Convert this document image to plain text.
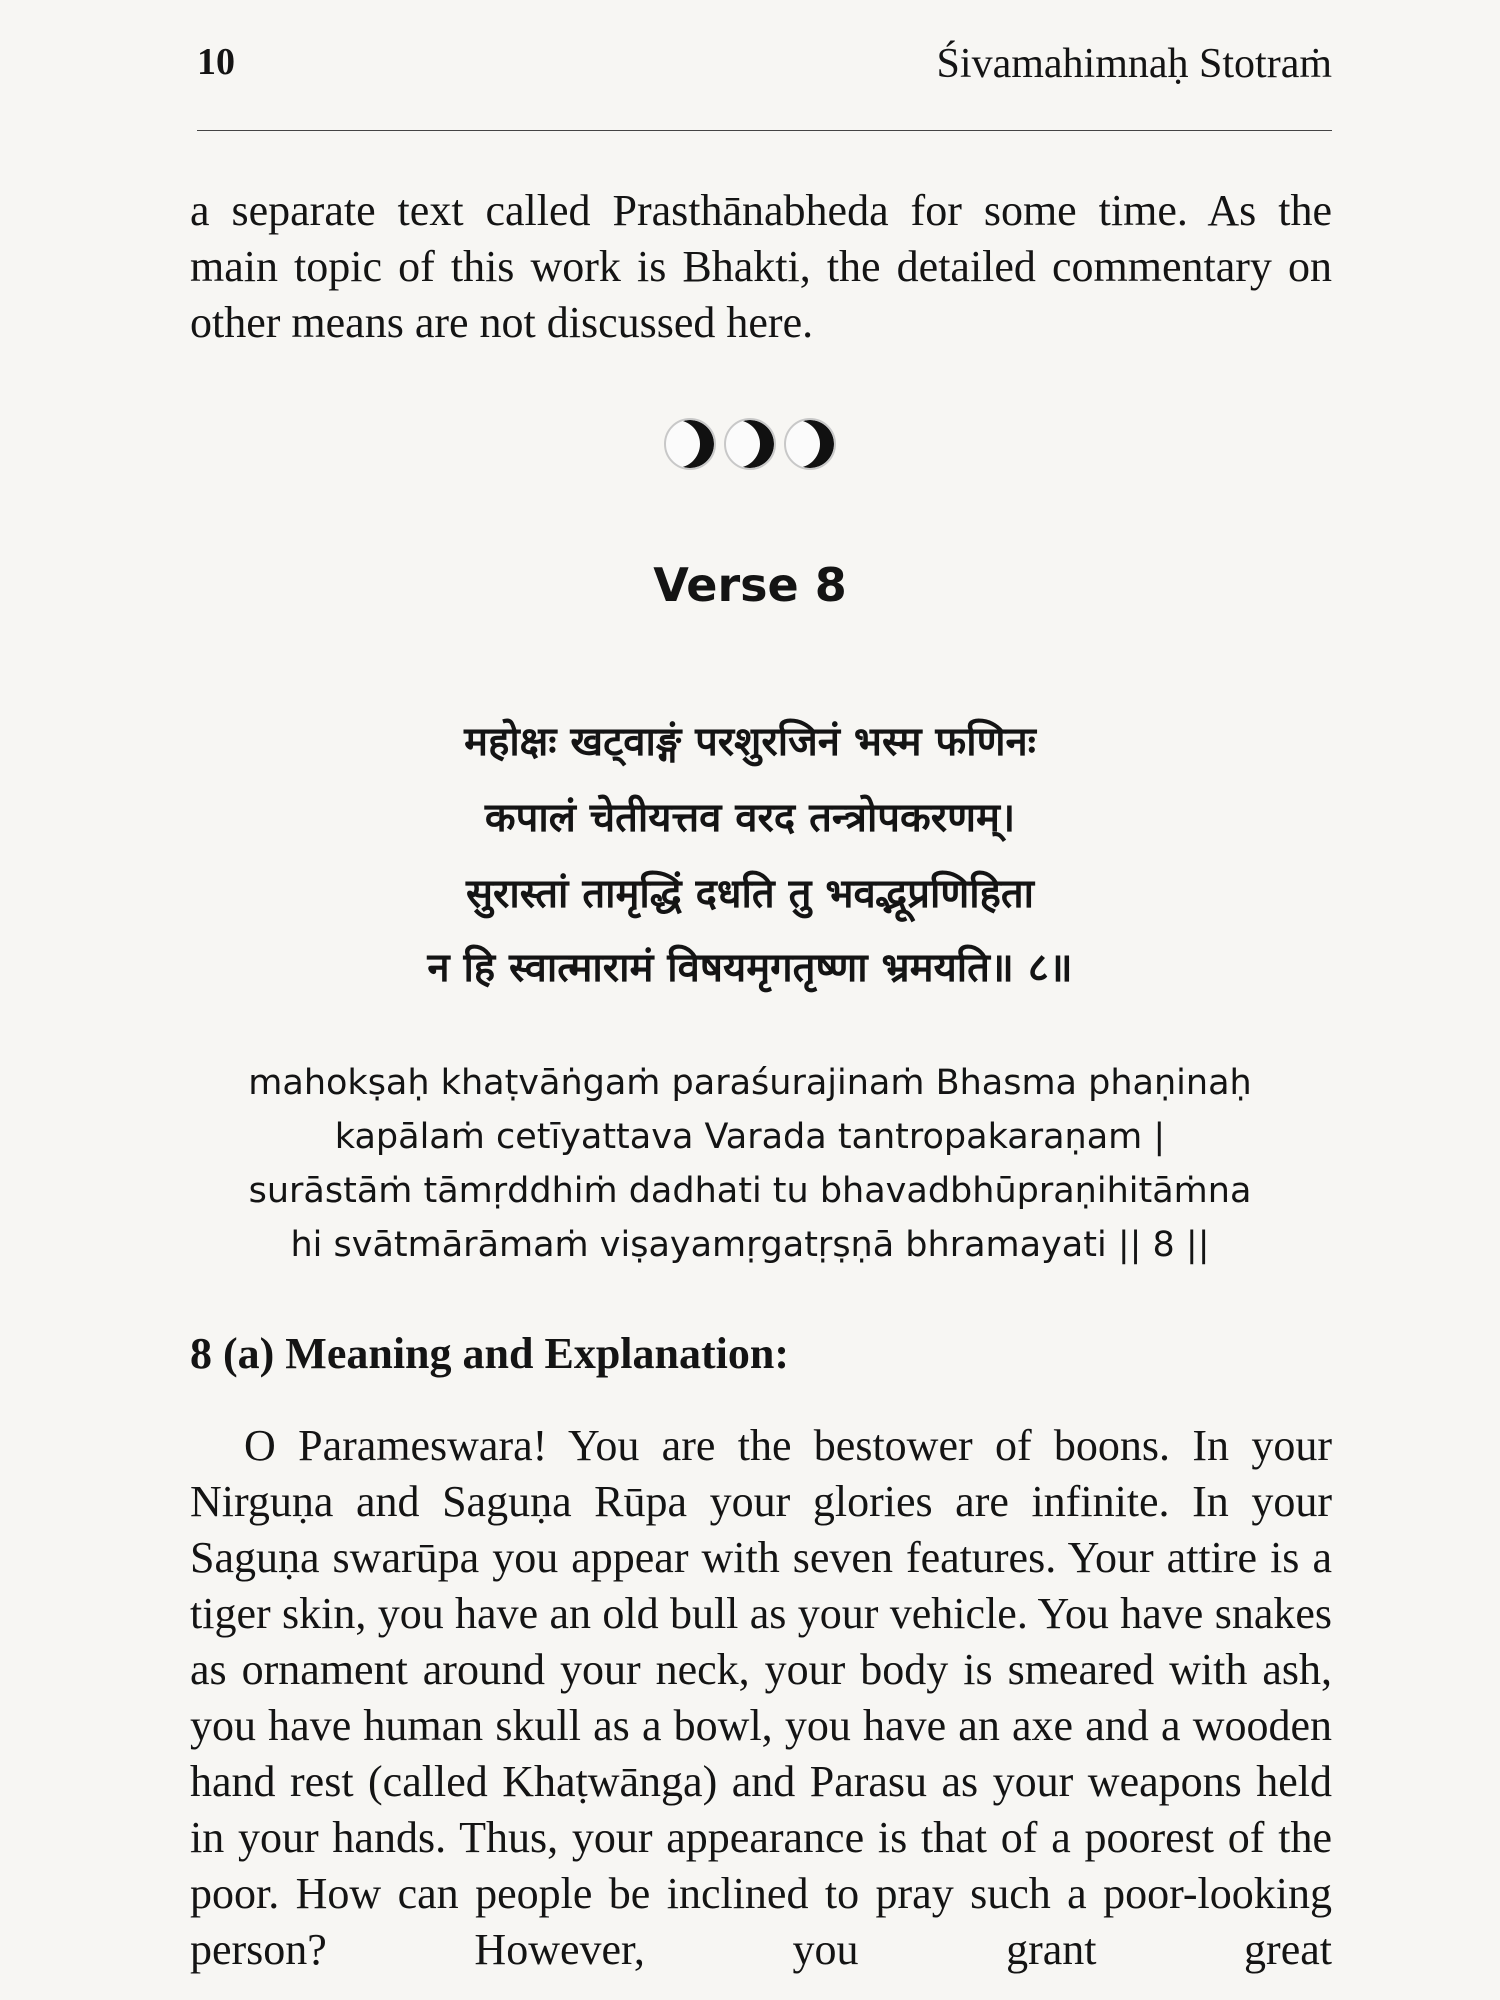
10	Śivamahimnaḥ Stotraṁ

a separate text called Prasthānabheda for some time. As the main topic of this work is Bhakti, the detailed commentary on other means are not discussed here.

Verse 8
महोक्षः खट्वाङ्गं परशुरजिनं भस्म फणिनः
कपालं चेतीयत्तव वरद तन्त्रोपकरणम्।
सुरास्तां तामृद्धिं दधति तु भवद्भूप्रणिहिता
न हि स्वात्मारामं विषयमृगतृष्णा भ्रमयति॥ ८॥
mahokṣaḥ khaṭvāṅgaṁ paraśurajinaṁ Bhasma phaṇinaḥ
kapālaṁ cetīyattava Varada tantropakaraṇam |
surāstāṁ tāmṛddhiṁ dadhati tu bhavadbhūpraṇihitāṁna
hi svātmārāmaṁ viṣayamṛgatṛṣṇā bhramayati || 8 ||
8 (a) Meaning and Explanation:

O Parameswara! You are the bestower of boons. In your Nirguṇa and Saguṇa Rūpa your glories are infinite. In your Saguṇa swarūpa you appear with seven features. Your attire is a tiger skin, you have an old bull as your vehicle. You have snakes as ornament around your neck, your body is smeared with ash, you have human skull as a bowl, you have an axe and a wooden hand rest (called Khaṭwānga) and Parasu as your weapons held in your hands. Thus, your appearance is that of a poorest of the poor. How can people be inclined to pray such a poor-looking person? However, you grant great
